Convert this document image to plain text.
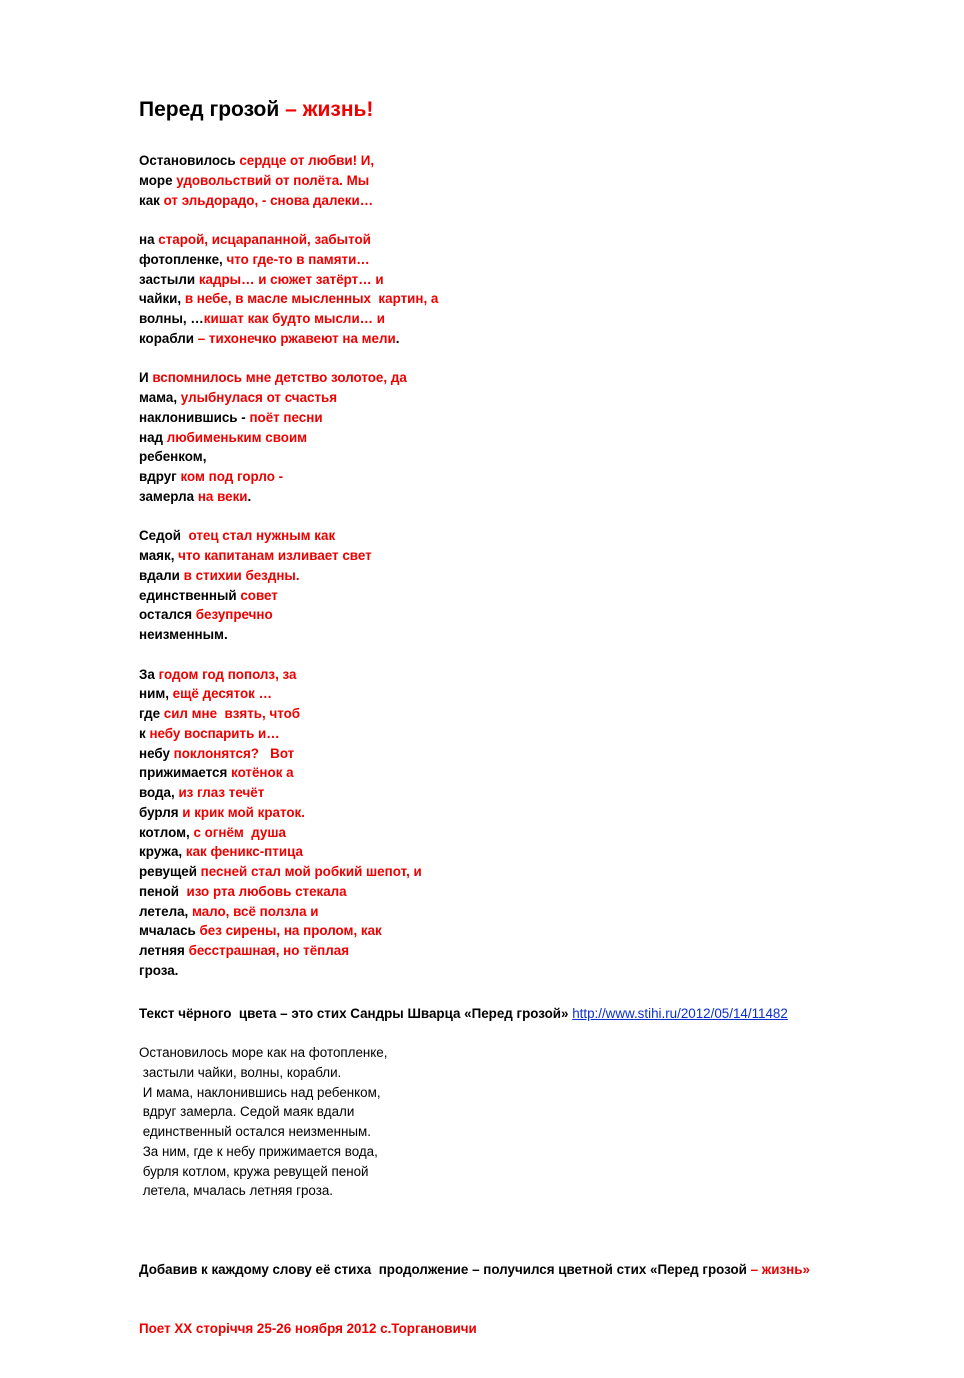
Перед грозой – жизнь!
Остановилось сердце от любви! И,
море удовольствий от полёта. Мы
как от эльдорадо, - снова далеки…
на старой, исцарапанной, забытой
фотопленке, что где-то в памяти…
застыли кадры… и сюжет затёрт… и
чайки, в небе, в масле мысленных  картин, а
волны, …кишат как будто мысли… и
корабли – тихонечко ржавеют на мели.
И вспомнилось мне детство золотое, да
мама, улыбнулася от счастья
наклонившись - поёт песни
над любименьким своим
ребенком,
вдруг ком под горло -
замерла на веки.
Седой  отец стал нужным как
маяк, что капитанам изливает свет
вдали в стихии бездны.
единственный совет
остался безупречно
неизменным.
За годом год пополз, за
ним, ещё десяток …
где сил мне  взять, чтоб
к небу воспарить и…
небу поклонятся?   Вот
прижимается котёнок а
вода, из глаз течёт
бурля и крик мой краток.
котлом, с огнём  душа
кружа, как феникс-птица
ревущей песней стал мой робкий шепот, и
пеной  изо рта любовь стекала
летела, мало, всё ползла и
мчалась без сирены, на пролом, как
летняя бесстрашная, но тёплая
гроза.
Текст чёрного  цвета – это стих Сандры Шварца «Перед грозой» http://www.stihi.ru/2012/05/14/11482
Остановилось море как на фотопленке,
застыли чайки, волны, корабли.
И мама, наклонившись над ребенком,
вдруг замерла. Седой маяк вдали
единственный остался неизменным.
За ним, где к небу прижимается вода,
бурля котлом, кружа ревущей пеной
летела, мчалась летняя гроза.

Добавив к каждому слову её стиха  продолжение – получился цветной стих «Перед грозой – жизнь»

Поет ХХ сторіччя 25-26 ноября 2012 с.Торгановичи
